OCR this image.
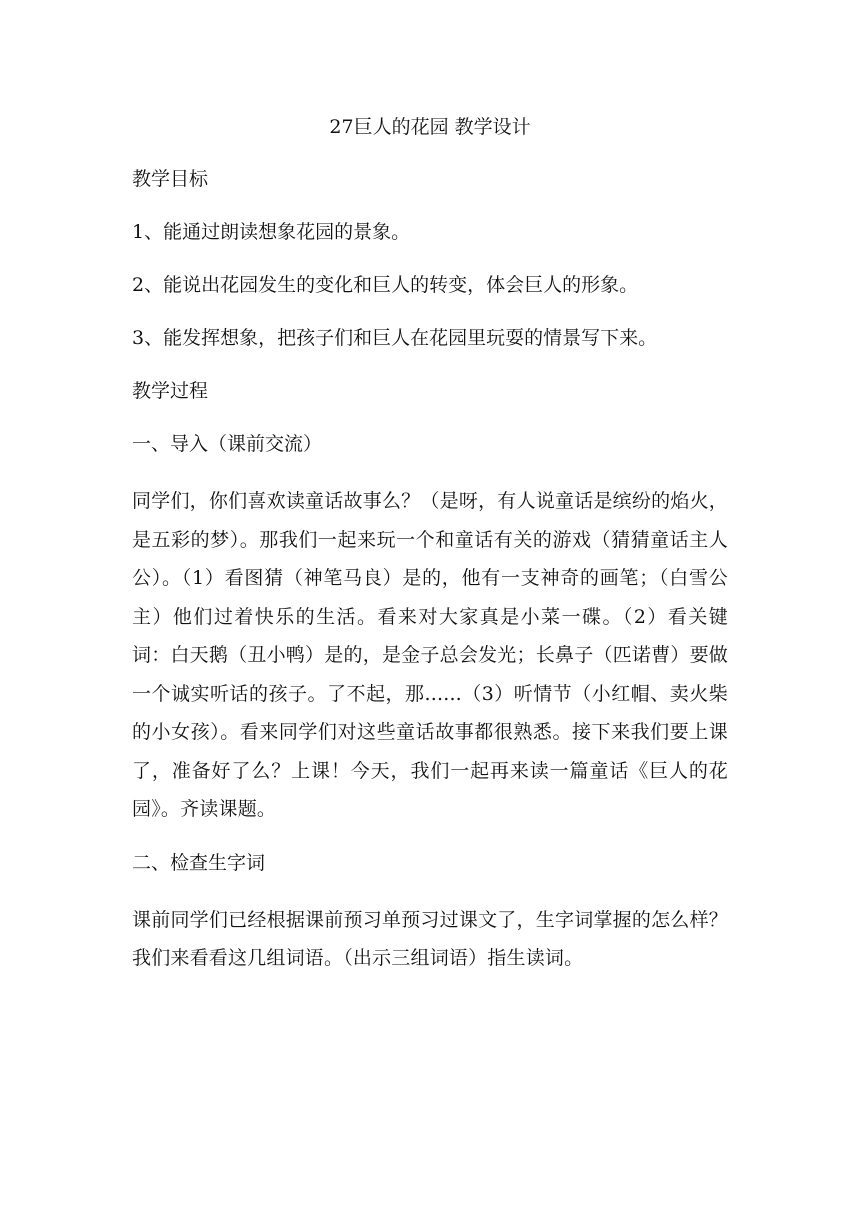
27巨人的花园 教学设计
教学目标
1、能通过朗读想象花园的景象。
2、能说出花园发生的变化和巨人的转变，体会巨人的形象。
3、能发挥想象，把孩子们和巨人在花园里玩耍的情景写下来。
教学过程
一、导入（课前交流）
同学们，你们喜欢读童话故事么？（是呀，有人说童话是缤纷的焰火，是五彩的梦）。那我们一起来玩一个和童话有关的游戏（猜猜童话主人公）。（1）看图猜（神笔马良）是的，他有一支神奇的画笔；（白雪公主）他们过着快乐的生活。看来对大家真是小菜一碟。（2）看关键词：白天鹅（丑小鸭）是的，是金子总会发光；长鼻子（匹诺曹）要做一个诚实听话的孩子。了不起，那......（3）听情节（小红帽、卖火柴的小女孩）。看来同学们对这些童话故事都很熟悉。接下来我们要上课了，准备好了么？上课！今天，我们一起再来读一篇童话《巨人的花园》。齐读课题。
二、检查生字词
课前同学们已经根据课前预习单预习过课文了，生字词掌握的怎么样？我们来看看这几组词语。（出示三组词语）指生读词。
